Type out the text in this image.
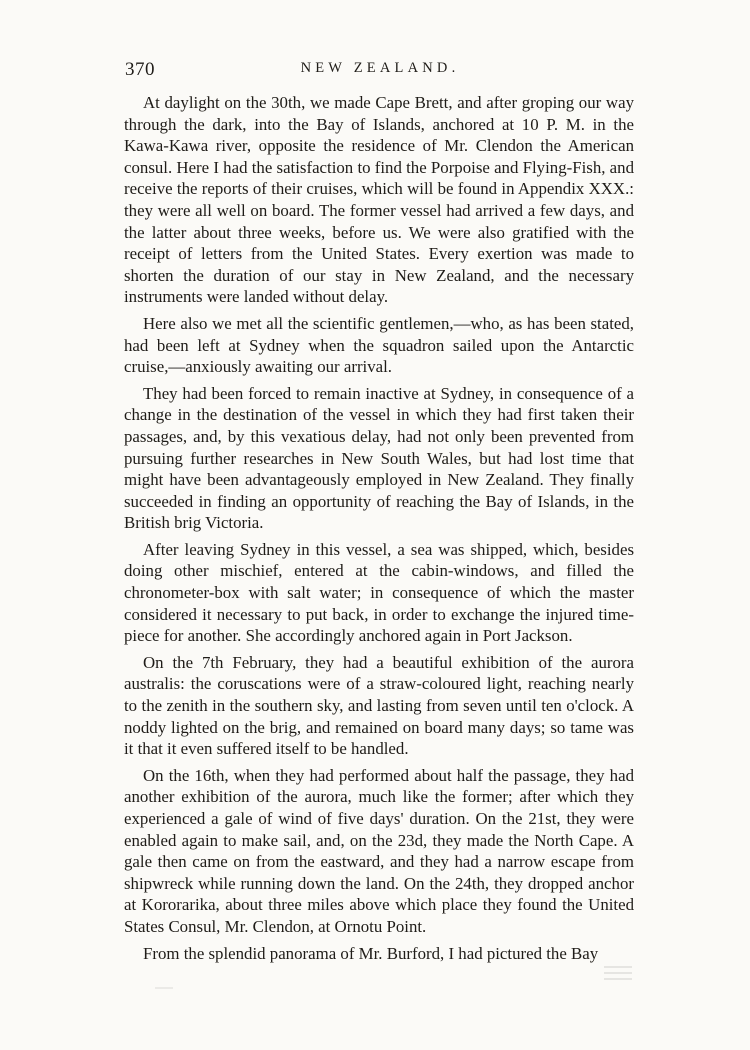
370	NEW ZEALAND.

At daylight on the 30th, we made Cape Brett, and after groping our way through the dark, into the Bay of Islands, anchored at 10 P. M. in the Kawa-Kawa river, opposite the residence of Mr. Clendon the American consul. Here I had the satisfaction to find the Porpoise and Flying-Fish, and receive the reports of their cruises, which will be found in Appendix XXX.: they were all well on board. The former vessel had arrived a few days, and the latter about three weeks, before us. We were also gratified with the receipt of letters from the United States. Every exertion was made to shorten the duration of our stay in New Zealand, and the necessary instruments were landed without delay.

Here also we met all the scientific gentlemen,—who, as has been stated, had been left at Sydney when the squadron sailed upon the Antarctic cruise,—anxiously awaiting our arrival.

They had been forced to remain inactive at Sydney, in consequence of a change in the destination of the vessel in which they had first taken their passages, and, by this vexatious delay, had not only been prevented from pursuing further researches in New South Wales, but had lost time that might have been advantageously employed in New Zealand. They finally succeeded in finding an opportunity of reaching the Bay of Islands, in the British brig Victoria.

After leaving Sydney in this vessel, a sea was shipped, which, besides doing other mischief, entered at the cabin-windows, and filled the chronometer-box with salt water; in consequence of which the master considered it necessary to put back, in order to exchange the injured time-piece for another. She accordingly anchored again in Port Jackson.

On the 7th February, they had a beautiful exhibition of the aurora australis: the coruscations were of a straw-coloured light, reaching nearly to the zenith in the southern sky, and lasting from seven until ten o'clock. A noddy lighted on the brig, and remained on board many days; so tame was it that it even suffered itself to be handled.

On the 16th, when they had performed about half the passage, they had another exhibition of the aurora, much like the former; after which they experienced a gale of wind of five days' duration. On the 21st, they were enabled again to make sail, and, on the 23d, they made the North Cape. A gale then came on from the eastward, and they had a narrow escape from shipwreck while running down the land. On the 24th, they dropped anchor at Kororarika, about three miles above which place they found the United States Consul, Mr. Clendon, at Ornotu Point.

From the splendid panorama of Mr. Burford, I had pictured the Bay
